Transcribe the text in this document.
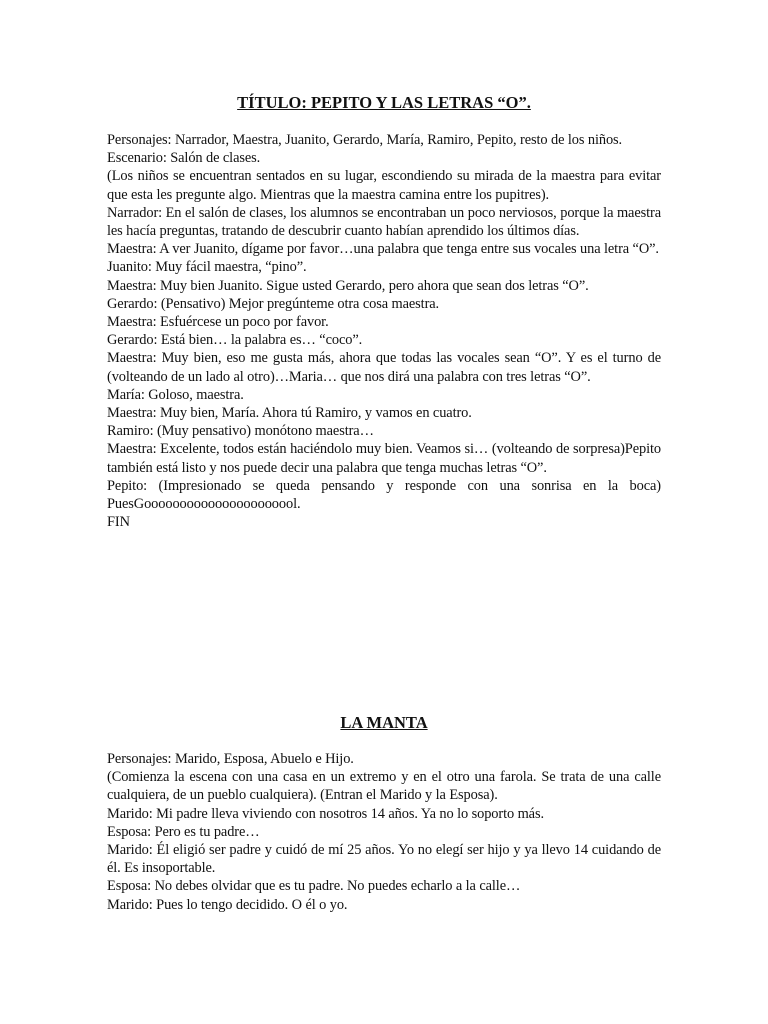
TÍTULO: PEPITO Y LAS LETRAS “O”.

Personajes: Narrador, Maestra, Juanito, Gerardo, María, Ramiro, Pepito, resto de los niños.

Escenario: Salón de clases.

(Los niños se encuentran sentados en su lugar, escondiendo su mirada de la maestra para evitar que esta les pregunte algo. Mientras que la maestra camina entre los pupitres).

Narrador: En el salón de clases, los alumnos se encontraban un poco nerviosos, porque la maestra les hacía preguntas, tratando de descubrir cuanto habían aprendido los últimos días.

Maestra: A ver Juanito, dígame por favor…una palabra que tenga entre sus vocales una letra “O”.

Juanito: Muy fácil maestra, “pino”.

Maestra: Muy bien Juanito. Sigue usted Gerardo, pero ahora que sean dos letras “O”.

Gerardo: (Pensativo) Mejor pregúnteme otra cosa maestra.

Maestra: Esfuércese un poco por favor.

Gerardo: Está bien… la palabra es… “coco”.

Maestra: Muy bien, eso me gusta más, ahora que todas las vocales sean “O”. Y es el turno de (volteando de un lado al otro)…Maria… que nos dirá una palabra con tres letras “O”.

María: Goloso, maestra.

Maestra: Muy bien, María. Ahora tú Ramiro, y vamos en cuatro.

Ramiro: (Muy pensativo) monótono maestra…

Maestra: Excelente, todos están haciéndolo muy bien. Veamos si… (volteando de sorpresa)Pepito también está listo y nos puede decir una palabra que tenga muchas letras “O”.

Pepito: (Impresionado se queda pensando y responde con una sonrisa en la boca) PuesGoooooooooooooooooooool.

FIN

LA MANTA

Personajes: Marido, Esposa, Abuelo e Hijo.

(Comienza la escena con una casa en un extremo y en el otro una farola. Se trata de una calle cualquiera, de un pueblo cualquiera). (Entran el Marido y la Esposa).

Marido: Mi padre lleva viviendo con nosotros 14 años. Ya no lo soporto más.

Esposa: Pero es tu padre…

Marido: Él eligió ser padre y cuidó de mí 25 años. Yo no elegí ser hijo y ya llevo 14 cuidando de él. Es insoportable.

Esposa: No debes olvidar que es tu padre. No puedes echarlo a la calle…

Marido: Pues lo tengo decidido. O él o yo.
